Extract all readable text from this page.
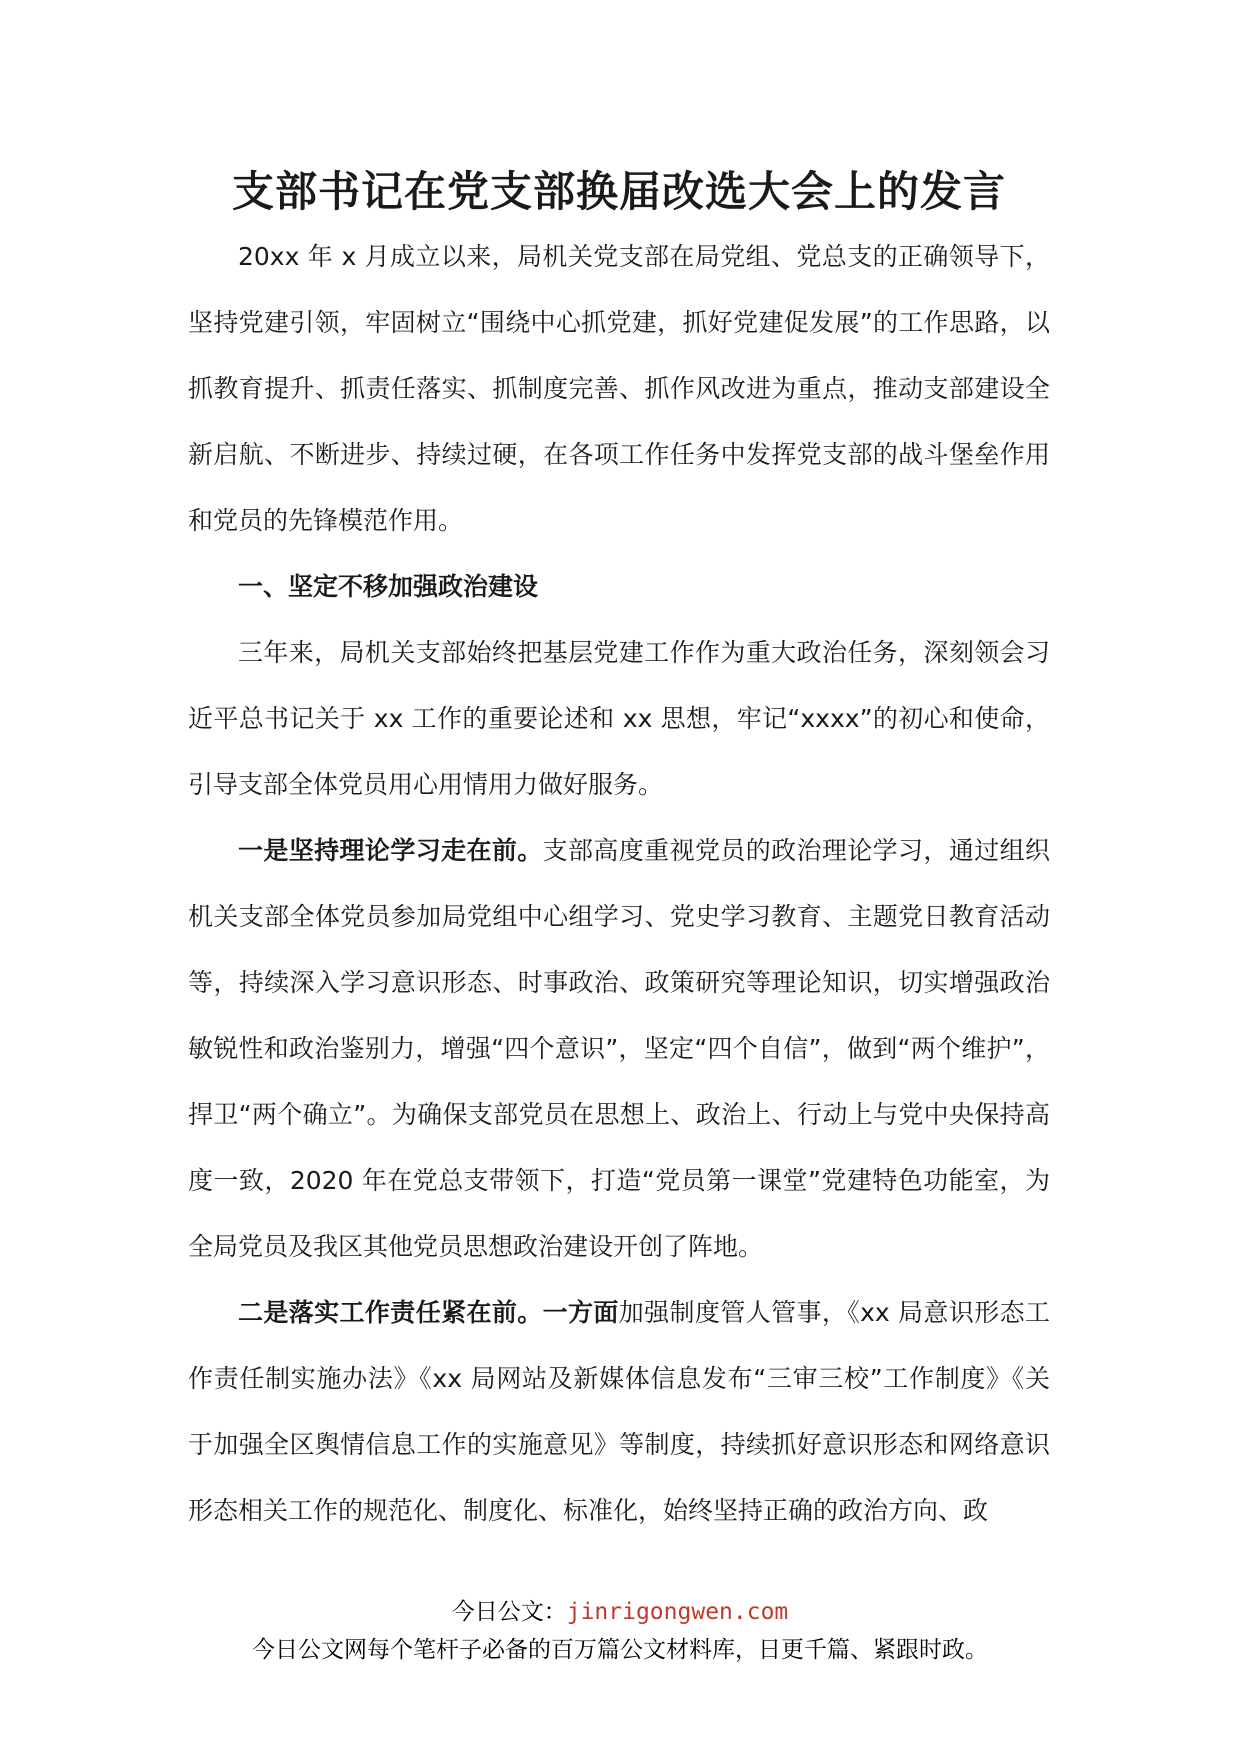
支部书记在党支部换届改选大会上的发言

20xx 年 x 月成立以来，局机关党支部在局党组、党总支的正确领导下，坚持党建引领，牢固树立“围绕中心抓党建，抓好党建促发展”的工作思路，以抓教育提升、抓责任落实、抓制度完善、抓作风改进为重点，推动支部建设全新启航、不断进步、持续过硬，在各项工作任务中发挥党支部的战斗堡垒作用和党员的先锋模范作用。

一、坚定不移加强政治建设

三年来，局机关支部始终把基层党建工作作为重大政治任务，深刻领会习近平总书记关于 xx 工作的重要论述和 xx 思想，牢记“xxxx”的初心和使命，引导支部全体党员用心用情用力做好服务。

一是坚持理论学习走在前。支部高度重视党员的政治理论学习，通过组织机关支部全体党员参加局党组中心组学习、党史学习教育、主题党日教育活动等，持续深入学习意识形态、时事政治、政策研究等理论知识，切实增强政治敏锐性和政治鉴别力，增强“四个意识”，坚定“四个自信”，做到“两个维护”，捍卫“两个确立”。为确保支部党员在思想上、政治上、行动上与党中央保持高度一致，2020 年在党总支带领下，打造“党员第一课堂”党建特色功能室，为全局党员及我区其他党员思想政治建设开创了阵地。

二是落实工作责任紧在前。一方面加强制度管人管事，《xx 局意识形态工作责任制实施办法》《xx 局网站及新媒体信息发布“三审三校”工作制度》《关于加强全区舆情信息工作的实施意见》等制度，持续抓好意识形态和网络意识形态相关工作的规范化、制度化、标准化，始终坚持正确的政治方向、政

今日公文：jinrigongwen.com
今日公文网每个笔杆子必备的百万篇公文材料库，日更千篇、紧跟时政。
